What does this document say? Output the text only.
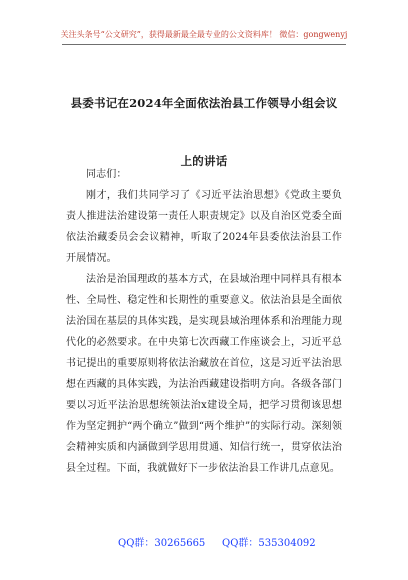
关注头条号“公文研究”，获得最新最全最专业的公文资料库！ 微信：gongwenyj
县委书记在2024年全面依法治县工作领导小组会议上的讲话

同志们：

刚才，我们共同学习了《习近平法治思想》《党政主要负责人推进法治建设第一责任人职责规定》以及自治区党委全面依法治藏委员会会议精神，听取了2024年县委依法治县工作开展情况。

法治是治国理政的基本方式，在县域治理中同样具有根本性、全局性、稳定性和长期性的重要意义。依法治县是全面依法治国在基层的具体实践，是实现县域治理体系和治理能力现代化的必然要求。在中央第七次西藏工作座谈会上，习近平总书记提出的重要原则将依法治藏放在首位，这是习近平法治思想在西藏的具体实践，为法治西藏建设指明方向。各级各部门要以习近平法治思想统领法治x建设全局，把学习贯彻该思想作为坚定拥护“两个确立”做到“两个维护”的实际行动。深刻领会精神实质和内涵做到学思用贯通、知信行统一，贯穿依法治县全过程。下面，我就做好下一步依法治县工作讲几点意见。

QQ群：30265665 QQ群：535304092
